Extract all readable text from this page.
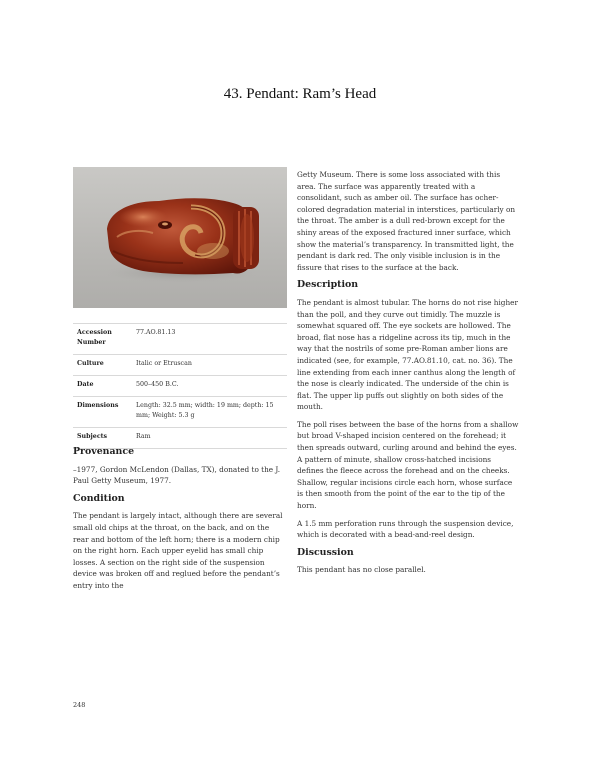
43. Pendant: Ram’s Head
Accession Number	77.AO.81.13
Culture	Italic or Etruscan
Date	500–450 B.C.
Dimensions	Length: 32.5 mm; width: 19 mm; depth: 15 mm; Weight: 5.3 g
Subjects	Ram
Provenance

–1977, Gordon McLendon (Dallas, TX), donated to the J. Paul Getty Museum, 1977.

Condition

The pendant is largely intact, although there are several small old chips at the throat, on the back, and on the rear and bottom of the left horn; there is a modern chip on the right horn. Each upper eyelid has small chip losses. A section on the right side of the suspension device was broken off and reglued before the pendant’s entry into the

Getty Museum. There is some loss associated with this area. The surface was apparently treated with a consolidant, such as amber oil. The surface has ocher-colored degradation material in interstices, particularly on the throat. The amber is a dull red-brown except for the shiny areas of the exposed fractured inner surface, which show the material’s transparency. In transmitted light, the pendant is dark red. The only visible inclusion is in the fissure that rises to the surface at the back.

Description

The pendant is almost tubular. The horns do not rise higher than the poll, and they curve out timidly. The muzzle is somewhat squared off. The eye sockets are hollowed. The broad, flat nose has a ridgeline across its tip, much in the way that the nostrils of some pre-Roman amber lions are indicated (see, for example, 77.AO.81.10, cat. no. 36). The line extending from each inner canthus along the length of the nose is clearly indicated. The underside of the chin is flat. The upper lip puffs out slightly on both sides of the mouth.

The poll rises between the base of the horns from a shallow but broad V-shaped incision centered on the forehead; it then spreads outward, curling around and behind the eyes. A pattern of minute, shallow cross-hatched incisions defines the fleece across the forehead and on the cheeks. Shallow, regular incisions circle each horn, whose surface is then smooth from the point of the ear to the tip of the horn.

A 1.5 mm perforation runs through the suspension device, which is decorated with a bead-and-reel design.

Discussion

This pendant has no close parallel.

248
